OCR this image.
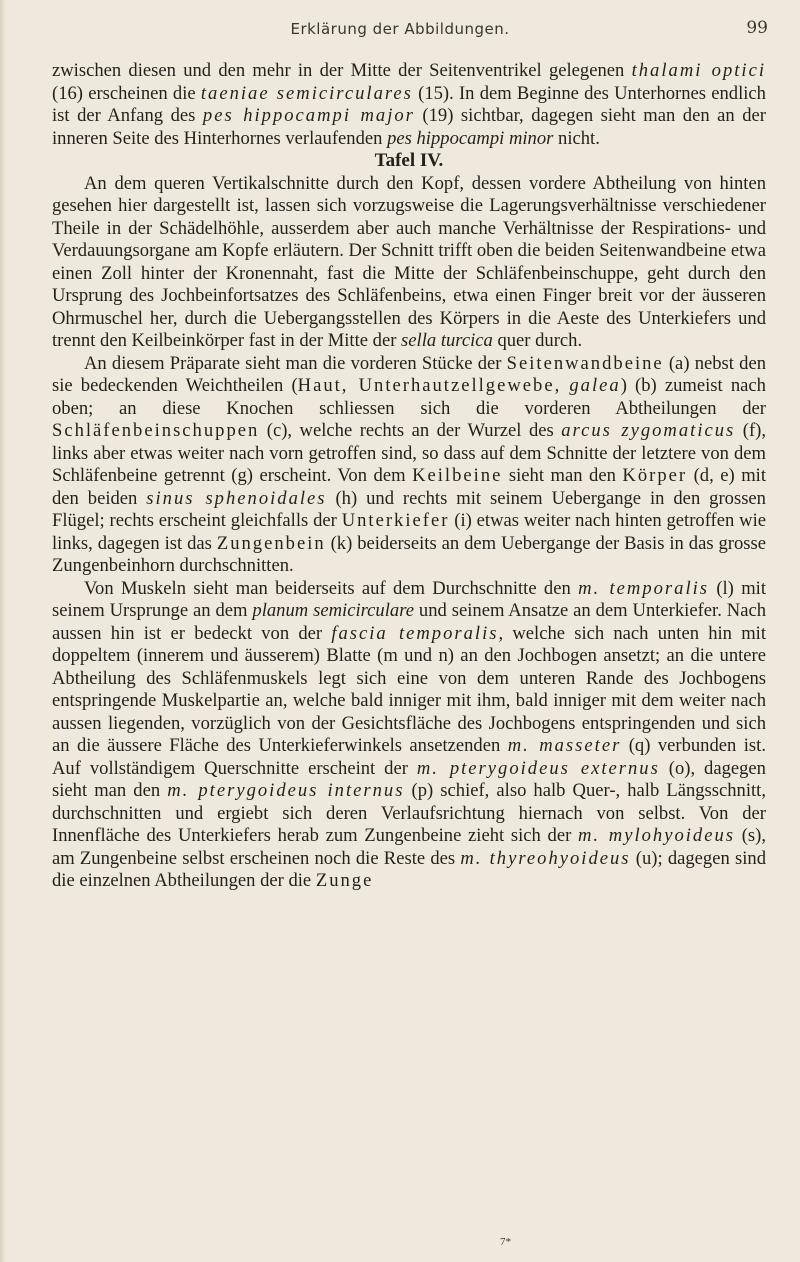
Erklärung der Abbildungen.	99

zwischen diesen und den mehr in der Mitte der Seitenventrikel gelegenen thalami optici (16) erscheinen die taeniae semicirculares (15). In dem Beginne des Unterhornes endlich ist der Anfang des pes hippocampi major (19) sichtbar, dagegen sieht man den an der inneren Seite des Hinterhornes verlaufenden pes hippocampi minor nicht.

Tafel IV.

An dem queren Vertikalschnitte durch den Kopf, dessen vordere Abtheilung von hinten gesehen hier dargestellt ist, lassen sich vorzugsweise die Lagerungsverhältnisse verschiedener Theile in der Schädelhöhle, ausserdem aber auch manche Verhältnisse der Respirations- und Verdauungsorgane am Kopfe erläutern. Der Schnitt trifft oben die beiden Seitenwandbeine etwa einen Zoll hinter der Kronennaht, fast die Mitte der Schläfenbeinschuppe, geht durch den Ursprung des Jochbeinfortsatzes des Schläfenbeins, etwa einen Finger breit vor der äusseren Ohrmuschel her, durch die Uebergangsstellen des Körpers in die Aeste des Unterkiefers und trennt den Keilbeinkörper fast in der Mitte der sella turcica quer durch.

An diesem Präparate sieht man die vorderen Stücke der Seitenwandbeine (a) nebst den sie bedeckenden Weichtheilen (Haut, Unterhautzellgewebe, galea) (b) zumeist nach oben; an diese Knochen schliessen sich die vorderen Abtheilungen der Schläfenbeinschuppen (c), welche rechts an der Wurzel des arcus zygomaticus (f), links aber etwas weiter nach vorn getroffen sind, so dass auf dem Schnitte der letztere von dem Schläfenbeine getrennt (g) erscheint. Von dem Keilbeine sieht man den Körper (d, e) mit den beiden sinus sphenoidales (h) und rechts mit seinem Uebergange in den grossen Flügel; rechts erscheint gleichfalls der Unterkiefer (i) etwas weiter nach hinten getroffen wie links, dagegen ist das Zungenbein (k) beiderseits an dem Uebergange der Basis in das grosse Zungenbeinhorn durchschnitten.

Von Muskeln sieht man beiderseits auf dem Durchschnitte den m. temporalis (l) mit seinem Ursprunge an dem planum semicirculare und seinem Ansatze an dem Unterkiefer. Nach aussen hin ist er bedeckt von der fascia temporalis, welche sich nach unten hin mit doppeltem (innerem und äusserem) Blatte (m und n) an den Jochbogen ansetzt; an die untere Abtheilung des Schläfenmuskels legt sich eine von dem unteren Rande des Jochbogens entspringende Muskelpartie an, welche bald inniger mit ihm, bald inniger mit dem weiter nach aussen liegenden, vorzüglich von der Gesichtsfläche des Jochbogens entspringenden und sich an die äussere Fläche des Unterkieferwinkels ansetzenden m. masseter (q) verbunden ist. Auf vollständigem Querschnitte erscheint der m. pterygoideus externus (o), dagegen sieht man den m. pterygoideus internus (p) schief, also halb Quer-, halb Längsschnitt, durchschnitten und ergiebt sich deren Verlaufsrichtung hiernach von selbst. Von der Innenfläche des Unterkiefers herab zum Zungenbeine zieht sich der m. mylohyoideus (s), am Zungenbeine selbst erscheinen noch die Reste des m. thyreohyoideus (u); dagegen sind die einzelnen Abtheilungen der die Zunge

7*
